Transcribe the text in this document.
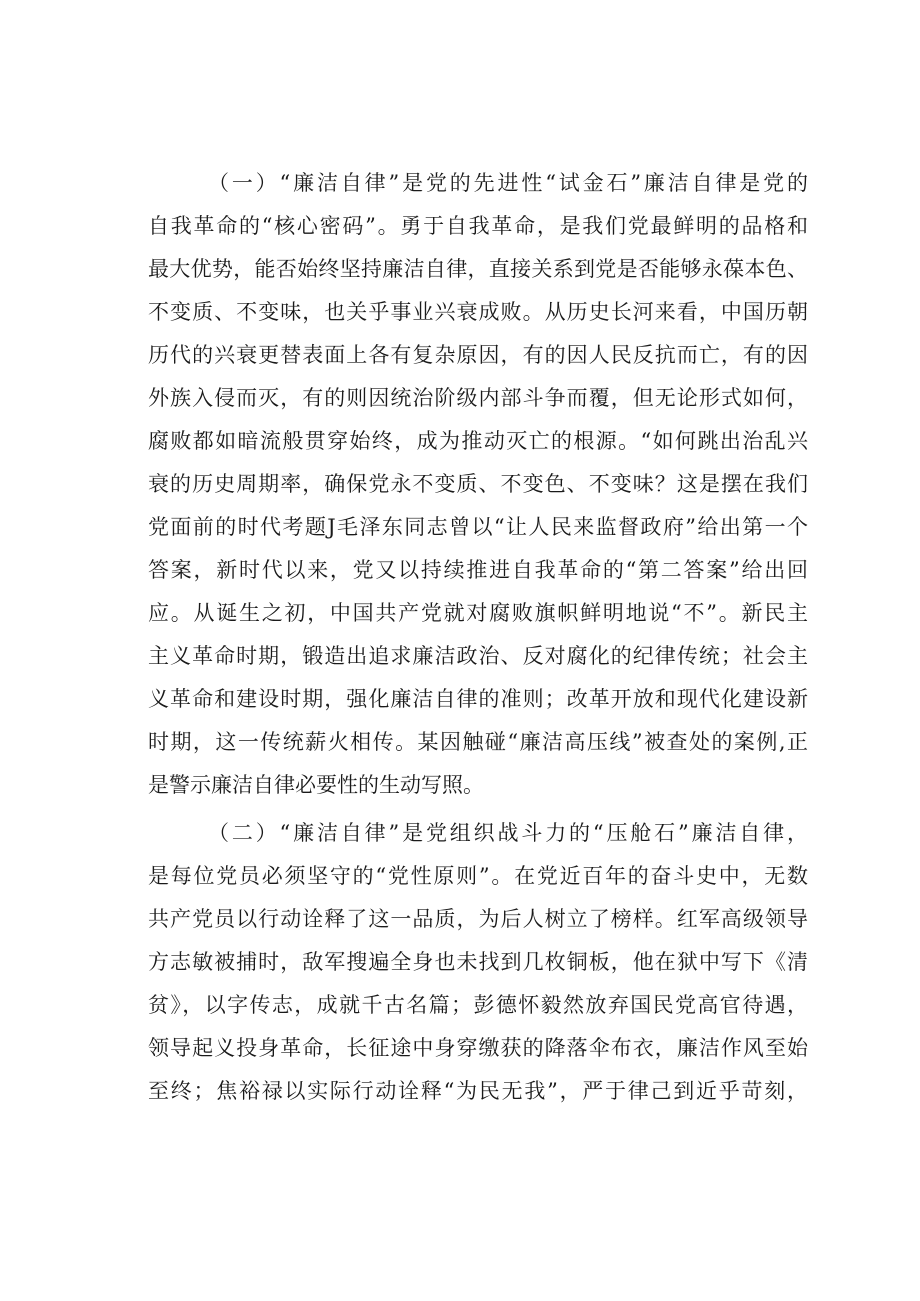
（一）“廉洁自律”是党的先进性“试金石”廉洁自律是党的
自我革命的“核心密码”。勇于自我革命，是我们党最鲜明的品格和
最大优势，能否始终坚持廉洁自律，直接关系到党是否能够永葆本色、
不变质、不变味，也关乎事业兴衰成败。从历史长河来看，中国历朝
历代的兴衰更替表面上各有复杂原因，有的因人民反抗而亡，有的因
外族入侵而灭，有的则因统治阶级内部斗争而覆，但无论形式如何，
腐败都如暗流般贯穿始终，成为推动灭亡的根源。“如何跳出治乱兴
衰的历史周期率，确保党永不变质、不变色、不变味？这是摆在我们
党面前的时代考题J毛泽东同志曾以“让人民来监督政府”给出第一个
答案，新时代以来，党又以持续推进自我革命的“第二答案”给出回
应。从诞生之初，中国共产党就对腐败旗帜鲜明地说“不”。新民主
主义革命时期，锻造出追求廉洁政治、反对腐化的纪律传统；社会主
义革命和建设时期，强化廉洁自律的准则；改革开放和现代化建设新
时期，这一传统薪火相传。某因触碰“廉洁高压线”被查处的案例,正
是警示廉洁自律必要性的生动写照。
（二）“廉洁自律”是党组织战斗力的“压舱石”廉洁自律，
是每位党员必须坚守的“党性原则”。在党近百年的奋斗史中，无数
共产党员以行动诠释了这一品质，为后人树立了榜样。红军高级领导
方志敏被捕时，敌军搜遍全身也未找到几枚铜板，他在狱中写下《清
贫》，以字传志，成就千古名篇；彭德怀毅然放弃国民党高官待遇，
领导起义投身革命，长征途中身穿缴获的降落伞布衣，廉洁作风至始
至终；焦裕禄以实际行动诠释“为民无我”，严于律己到近乎苛刻，
